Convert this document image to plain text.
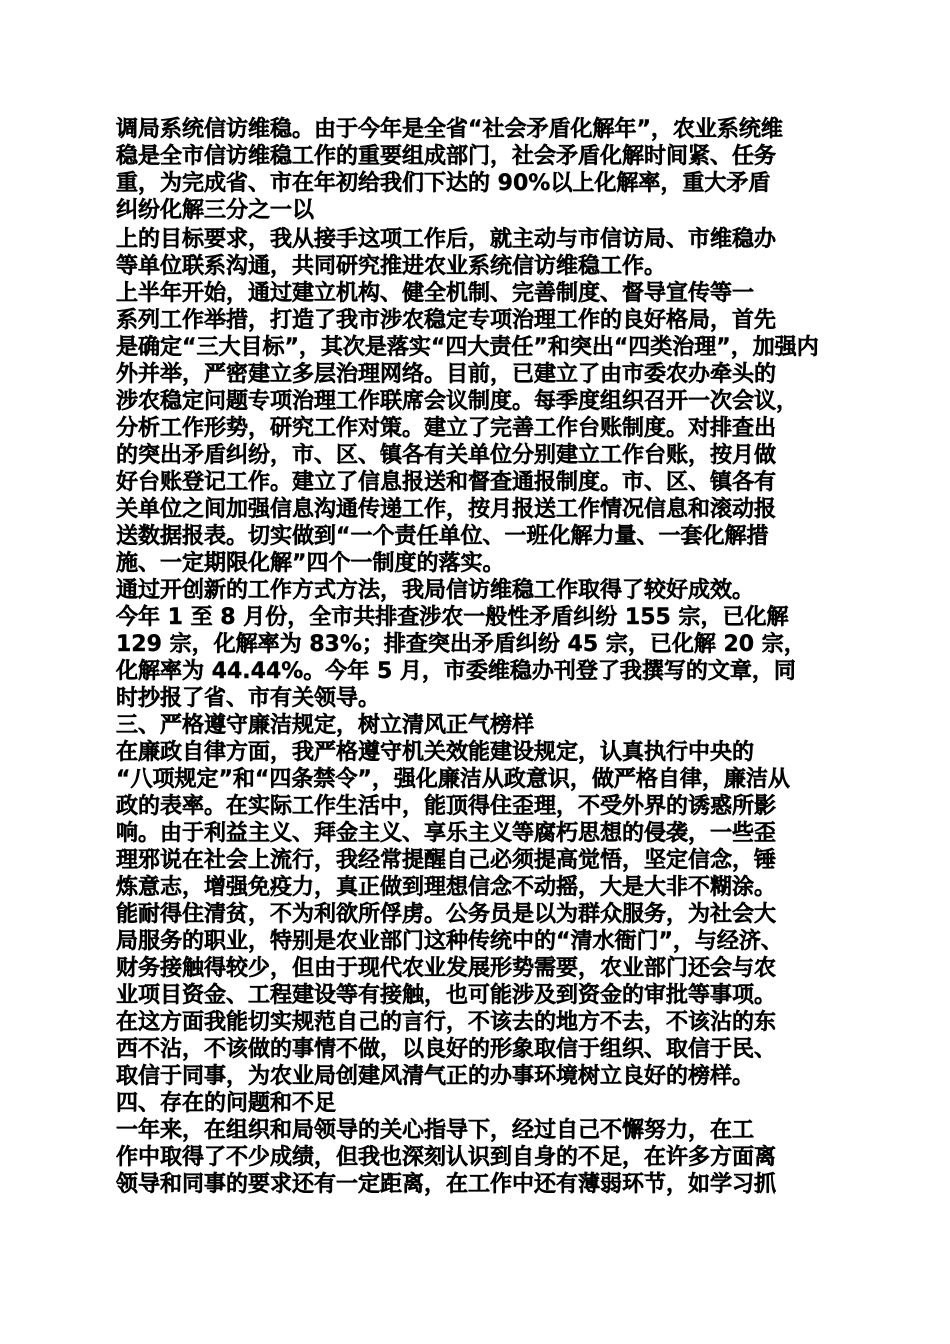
调局系统信访维稳。由于今年是全省“社会矛盾化解年”，农业系统维
稳是全市信访维稳工作的重要组成部门，社会矛盾化解时间紧、任务
重，为完成省、市在年初给我们下达的 90%以上化解率，重大矛盾
纠纷化解三分之一以
上的目标要求，我从接手这项工作后，就主动与市信访局、市维稳办
等单位联系沟通，共同研究推进农业系统信访维稳工作。
上半年开始，通过建立机构、健全机制、完善制度、督导宣传等一
系列工作举措，打造了我市涉农稳定专项治理工作的良好格局，首先
是确定“三大目标”，其次是落实“四大责任”和突出“四类治理”，加强内
外并举，严密建立多层治理网络。目前，已建立了由市委农办牵头的
涉农稳定问题专项治理工作联席会议制度。每季度组织召开一次会议，
分析工作形势，研究工作对策。建立了完善工作台账制度。对排查出
的突出矛盾纠纷，市、区、镇各有关单位分别建立工作台账，按月做
好台账登记工作。建立了信息报送和督查通报制度。市、区、镇各有
关单位之间加强信息沟通传递工作，按月报送工作情况信息和滚动报
送数据报表。切实做到“一个责任单位、一班化解力量、一套化解措
施、一定期限化解”四个一制度的落实。
通过开创新的工作方式方法，我局信访维稳工作取得了较好成效。
今年 1 至 8 月份，全市共排查涉农一般性矛盾纠纷 155 宗，已化解
129 宗，化解率为 83%；排查突出矛盾纠纷 45 宗，已化解 20 宗，
化解率为 44.44%。今年 5 月，市委维稳办刊登了我撰写的文章，同
时抄报了省、市有关领导。
三、严格遵守廉洁规定，树立清风正气榜样
在廉政自律方面，我严格遵守机关效能建设规定，认真执行中央的
“八项规定”和“四条禁令”，强化廉洁从政意识，做严格自律，廉洁从
政的表率。在实际工作生活中，能顶得住歪理，不受外界的诱惑所影
响。由于利益主义、拜金主义、享乐主义等腐朽思想的侵袭，一些歪
理邪说在社会上流行，我经常提醒自己必须提高觉悟，坚定信念，锤
炼意志，增强免疫力，真正做到理想信念不动摇，大是大非不糊涂。
能耐得住清贫，不为利欲所俘虏。公务员是以为群众服务，为社会大
局服务的职业，特别是农业部门这种传统中的“清水衙门”，与经济、
财务接触得较少，但由于现代农业发展形势需要，农业部门还会与农
业项目资金、工程建设等有接触，也可能涉及到资金的审批等事项。
在这方面我能切实规范自己的言行，不该去的地方不去，不该沾的东
西不沾，不该做的事情不做，以良好的形象取信于组织、取信于民、
取信于同事，为农业局创建风清气正的办事环境树立良好的榜样。
四、存在的问题和不足
一年来，在组织和局领导的关心指导下，经过自己不懈努力，在工
作中取得了不少成绩，但我也深刻认识到自身的不足，在许多方面离
领导和同事的要求还有一定距离，在工作中还有薄弱环节，如学习抓
